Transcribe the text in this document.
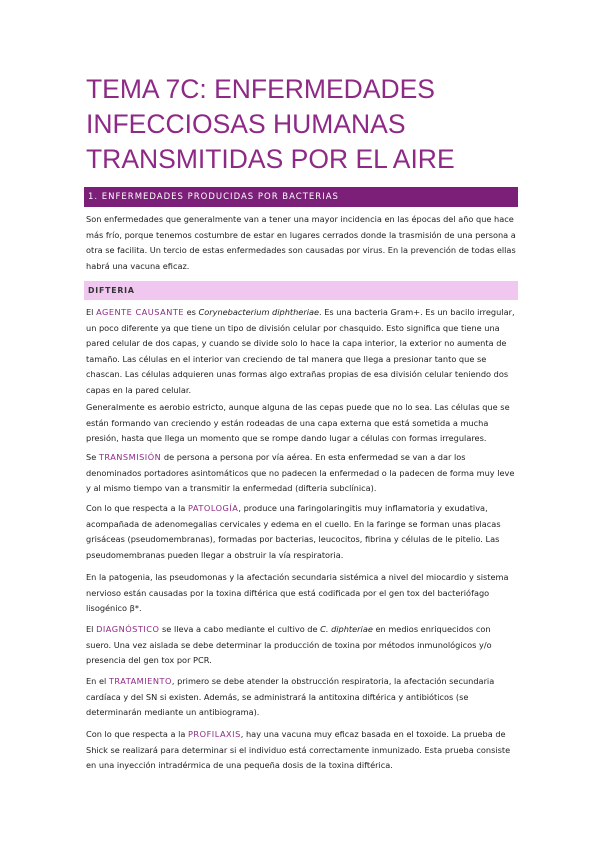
TEMA 7C: ENFERMEDADES
INFECCIOSAS HUMANAS
TRANSMITIDAS POR EL AIRE
1. ENFERMEDADES PRODUCIDAS POR BACTERIAS

Son enfermedades que generalmente van a tener una mayor incidencia en las épocas del año que hace más frío, porque tenemos costumbre de estar en lugares cerrados donde la trasmisión de una persona a otra se facilita. Un tercio de estas enfermedades son causadas por virus. En la prevención de todas ellas habrá una vacuna eficaz.

DIFTERIA

El AGENTE CAUSANTE es Corynebacterium diphtheriae. Es una bacteria Gram+. Es un bacilo irregular, un poco diferente ya que tiene un tipo de división celular por chasquido. Esto significa que tiene una pared celular de dos capas, y cuando se divide solo lo hace la capa interior, la exterior no aumenta de tamaño. Las células en el interior van creciendo de tal manera que llega a presionar tanto que se chascan. Las células adquieren unas formas algo extrañas propias de esa división celular teniendo dos capas en la pared celular.

Generalmente es aerobio estricto, aunque alguna de las cepas puede que no lo sea. Las células que se están formando van creciendo y están rodeadas de una capa externa que está sometida a mucha presión, hasta que llega un momento que se rompe dando lugar a células con formas irregulares.

Se TRANSMISIÓN de persona a persona por vía aérea. En esta enfermedad se van a dar los denominados portadores asintomáticos que no padecen la enfermedad o la padecen de forma muy leve y al mismo tiempo van a transmitir la enfermedad (difteria subclínica).

Con lo que respecta a la PATOLOGÍA, produce una faringolaringitis muy inflamatoria y exudativa, acompañada de adenomegalias cervicales y edema en el cuello. En la faringe se forman unas placas grisáceas (pseudomembranas), formadas por bacterias, leucocitos, fibrina y células de le pitelio. Las pseudomembranas pueden llegar a obstruir la vía respiratoria.

En la patogenia, las pseudomonas y la afectación secundaria sistémica a nivel del miocardio y sistema nervioso están causadas por la toxina diftérica que está codificada por el gen tox del bacteriófago lisogénico β*.

El DIAGNÓSTICO se lleva a cabo mediante el cultivo de C. diphteriae en medios enriquecidos con suero. Una vez aislada se debe determinar la producción de toxina por métodos inmunológicos y/o presencia del gen tox por PCR.

En el TRATAMIENTO, primero se debe atender la obstrucción respiratoria, la afectación secundaria cardíaca y del SN si existen. Además, se administrará la antitoxina diftérica y antibióticos (se determinarán mediante un antibiograma).

Con lo que respecta a la PROFILAXIS, hay una vacuna muy eficaz basada en el toxoide. La prueba de Shick se realizará para determinar si el individuo está correctamente inmunizado. Esta prueba consiste en una inyección intradérmica de una pequeña dosis de la toxina diftérica.
